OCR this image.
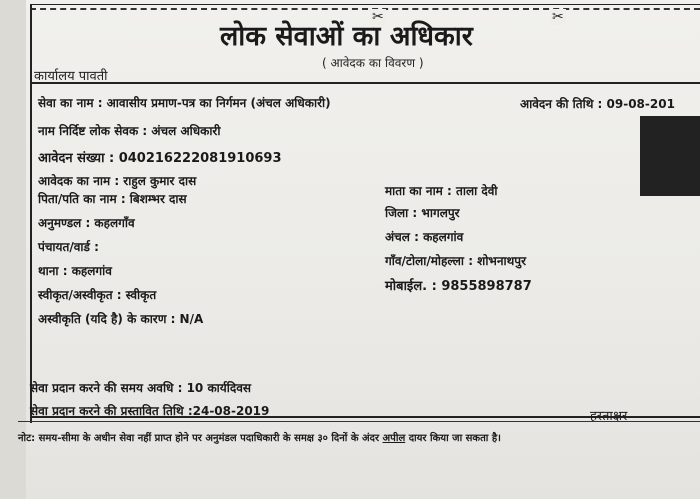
✂	✂
लोक सेवाओं का अधिकार
( आवेदक का विवरण )
कार्यालय पावती
आवेदन की तिथि : 09-08-201
सेवा का नाम : आवासीय प्रमाण-पत्र का निर्गमन (अंचल अधिकारी)
नाम निर्दिष्ट लोक सेवक : अंचल अधिकारी
आवेदन संख्या : 040216222081910693
आवेदक का नाम : राहुल कुमार दास
पिता/पति का नाम : बिशम्भर दास
माता का नाम : ताला देवी
जिला : भागलपुर
अनुमण्डल : कहलगाँव
अंचल : कहलगांव
पंचायत/वार्ड :
गाँव/टोला/मोहल्ला : शोभनाथपुर
थाना : कहलगांव
मोबाईल. : 9855898787
स्वीकृत/अस्वीकृत : स्वीकृत
अस्वीकृति (यदि है) के कारण : N/A
सेवा प्रदान करने की समय अवधि : 10 कार्यदिवस
सेवा प्रदान करने की प्रस्तावित तिथि :24-08-2019	हस्ताक्षर
नोट: समय-सीमा के अधीन सेवा नहीं प्राप्त होने पर अनुमंडल पदाधिकारी के समक्ष ३० दिनों के अंदर अपील दायर किया जा सकता है।
